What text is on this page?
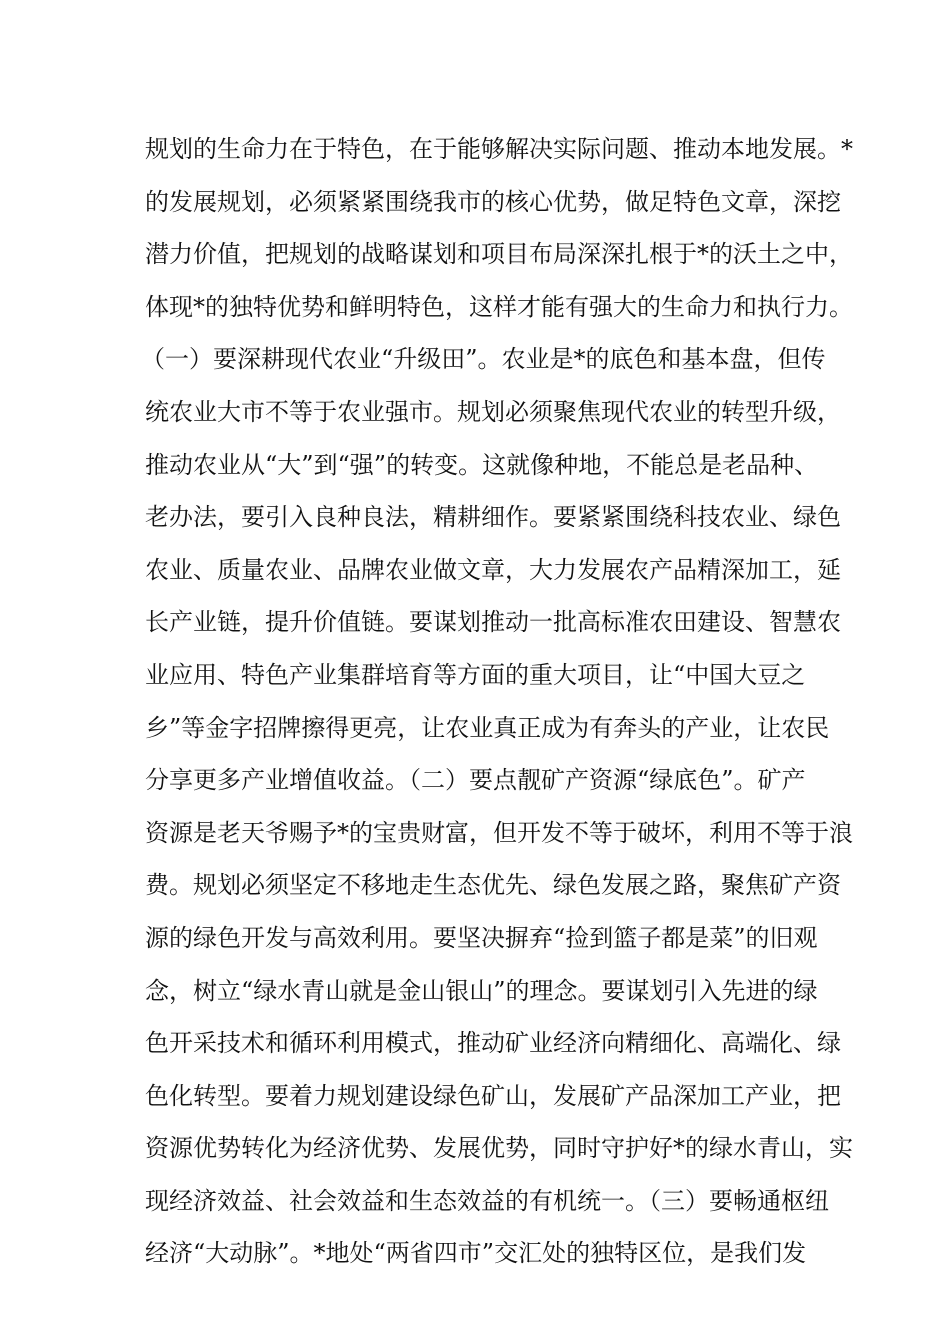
规划的生命力在于特色，在于能够解决实际问题、推动本地发展。*
的发展规划，必须紧紧围绕我市的核心优势，做足特色文章，深挖
潜力价值，把规划的战略谋划和项目布局深深扎根于*的沃土之中，
体现*的独特优势和鲜明特色，这样才能有强大的生命力和执行力。
（一）要深耕现代农业“升级田”。农业是*的底色和基本盘，但传
统农业大市不等于农业强市。规划必须聚焦现代农业的转型升级，
推动农业从“大”到“强”的转变。这就像种地，不能总是老品种、
老办法，要引入良种良法，精耕细作。要紧紧围绕科技农业、绿色
农业、质量农业、品牌农业做文章，大力发展农产品精深加工，延
长产业链，提升价值链。要谋划推动一批高标准农田建设、智慧农
业应用、特色产业集群培育等方面的重大项目，让“中国大豆之
乡”等金字招牌擦得更亮，让农业真正成为有奔头的产业，让农民
分享更多产业增值收益。（二）要点靓矿产资源“绿底色”。矿产
资源是老天爷赐予*的宝贵财富，但开发不等于破坏，利用不等于浪
费。规划必须坚定不移地走生态优先、绿色发展之路，聚焦矿产资
源的绿色开发与高效利用。要坚决摒弃“捡到篮子都是菜”的旧观
念，树立“绿水青山就是金山银山”的理念。要谋划引入先进的绿
色开采技术和循环利用模式，推动矿业经济向精细化、高端化、绿
色化转型。要着力规划建设绿色矿山，发展矿产品深加工产业，把
资源优势转化为经济优势、发展优势，同时守护好*的绿水青山，实
现经济效益、社会效益和生态效益的有机统一。（三）要畅通枢纽
经济“大动脉”。*地处“两省四市”交汇处的独特区位，是我们发
